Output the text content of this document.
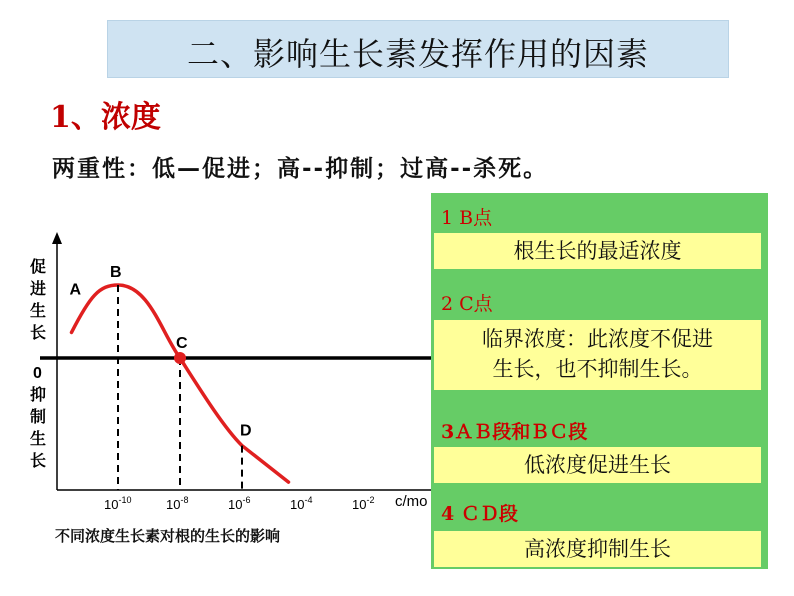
二、影响生长素发挥作用的因素
1、浓度
两重性：低—促进；高--抑制；过高--杀死。
A
B
C
D
促
进
生
长
0
抑
制
生
长
$10^{-10}$	$10^{-8}$	$10^{-6}$	$10^{-4}$	$10^{-2}$ c/mo
不同浓度生长素对根的生长的影响
1 B点
根生长的最适浓度
2 C点
临界浓度：此浓度不促进
生长，也不抑制生长。
3ＡＢ段和ＢＣ段
低浓度促进生长
4 ＣＤ段
高浓度抑制生长
